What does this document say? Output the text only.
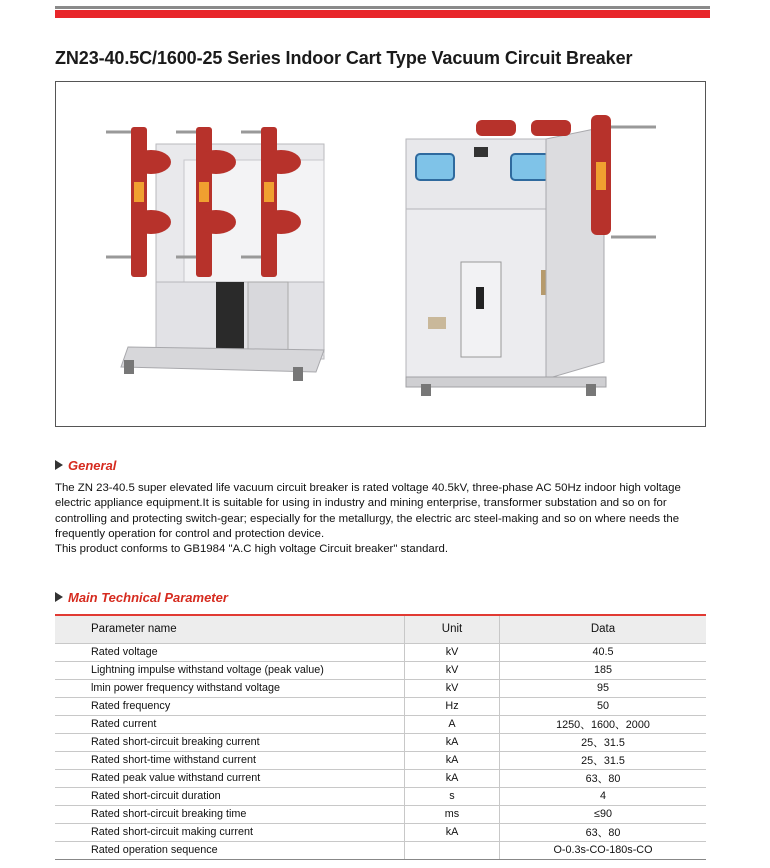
ZN23-40.5C/1600-25 Series Indoor Cart Type Vacuum Circuit Breaker
General

The ZN 23-40.5 super elevated life vacuum circuit breaker is rated voltage 40.5kV, three-phase AC 50Hz indoor high voltage electric appliance equipment.It is suitable for using in industry and mining enterprise, transformer substation and so on for controlling and protecting switch-gear; especially for the metallurgy, the electric arc steel-making and so on where needs the frequently operation for control and protection device.

This product conforms to GB1984 "A.C high voltage Circuit breaker" standard.

Main Technical Parameter
Parameter name	Unit	Data
Rated voltage	kV	40.5
Lightning impulse withstand voltage (peak value)	kV	185
lmin power frequency withstand voltage	kV	95
Rated frequency	Hz	50
Rated current	A	1250、1600、2000
Rated short-circuit breaking current	kA	25、31.5
Rated short-time withstand current	kA	25、31.5
Rated peak value withstand current	kA	63、80
Rated short-circuit duration	s	4
Rated short-circuit breaking time	ms	≤90
Rated short-circuit making current	kA	63、80
Rated operation sequence		O-0.3s-CO-180s-CO
